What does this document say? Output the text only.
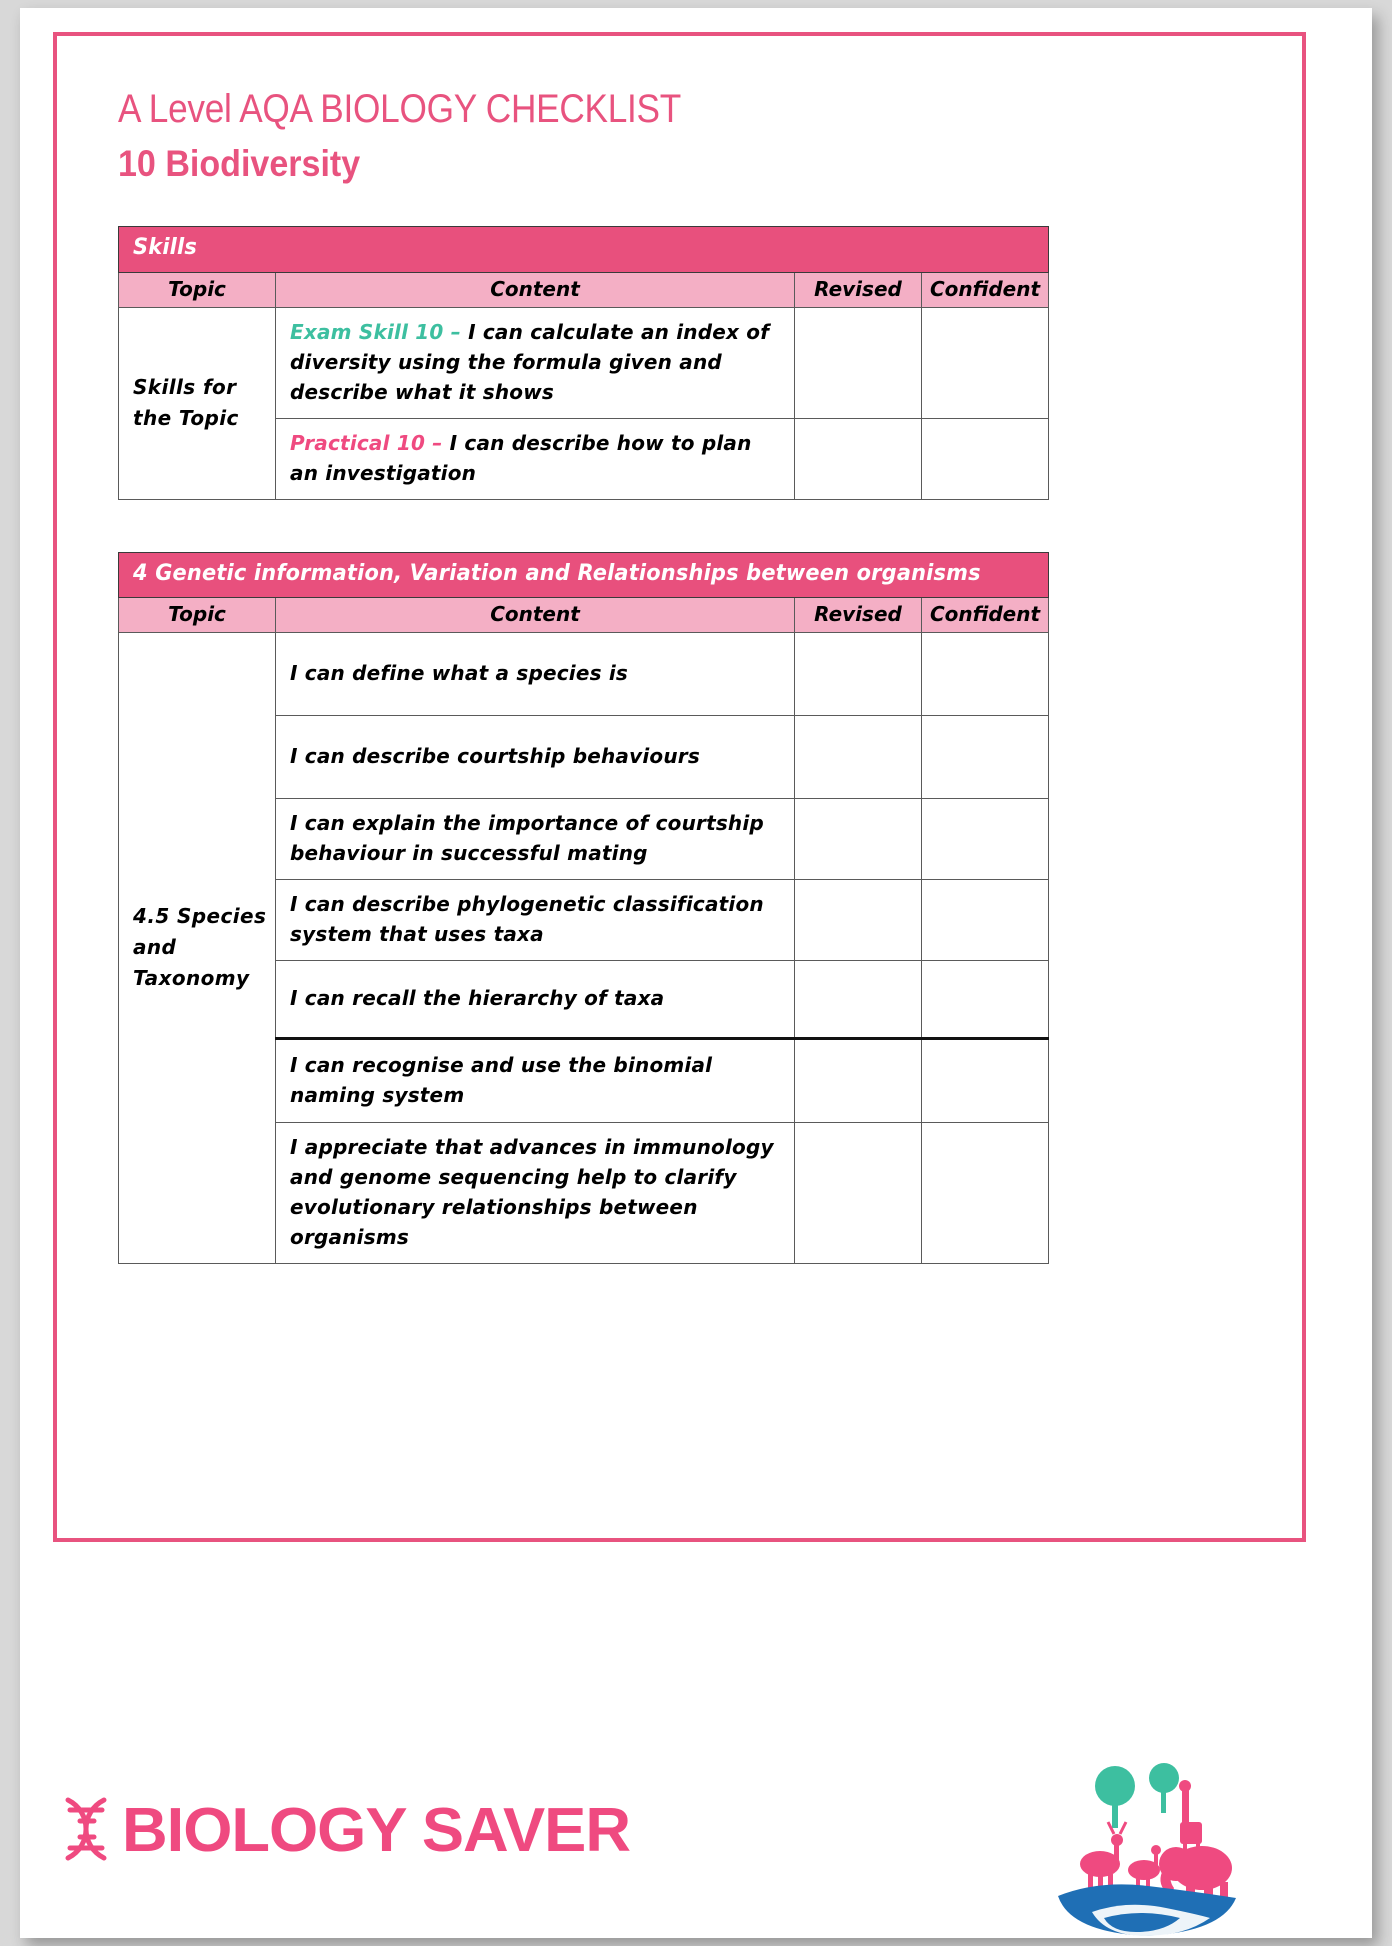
A Level AQA BIOLOGY CHECKLIST
10 Biodiversity
Skills			

Topic	Content	Revised	Confident
Skills for the Topic	Exam Skill 10 – I can calculate an index of diversity using the formula given and describe what it shows		
	Practical 10 – I can describe how to plan an investigation		
4 Genetic information, Variation and Relationships between organisms			

Topic	Content	Revised	Confident
4.5 Species and Taxonomy	I can define what a species is		
	I can describe courtship behaviours		
	I can explain the importance of courtship behaviour in successful mating		
	I can describe phylogenetic classification system that uses taxa		
	I can recall the hierarchy of taxa		
	I can recognise and use the binomial naming system		
	I appreciate that advances in immunology and genome sequencing help to clarify evolutionary relationships between organisms		
BIOLOGY SAVER
